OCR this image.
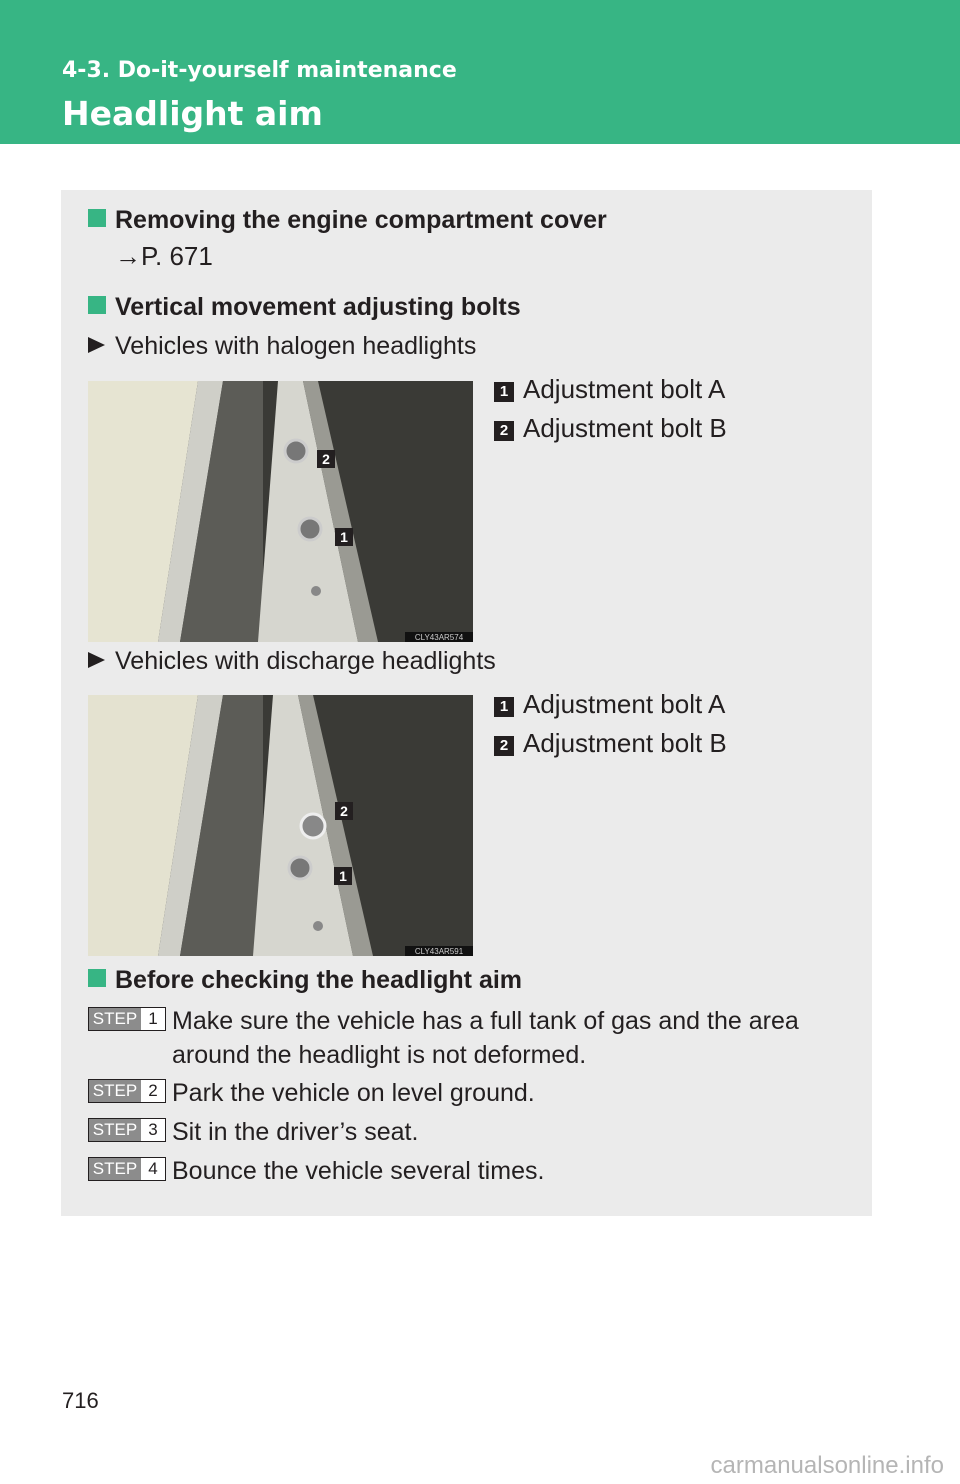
4-3. Do-it-yourself maintenance
Headlight aim
Removing the engine compartment cover
→P. 671
Vertical movement adjusting bolts
Vehicles with halogen headlights
2
1
CLY43AR574
1 Adjustment bolt A
2 Adjustment bolt B
Vehicles with discharge headlights
2
1
CLY43AR591
1 Adjustment bolt A
2 Adjustment bolt B
Before checking the headlight aim
STEP 1 Make sure the vehicle has a full tank of gas and the area around the headlight is not deformed.
STEP 2 Park the vehicle on level ground.
STEP 3 Sit in the driver’s seat.
STEP 4 Bounce the vehicle several times.
716
carmanualsonline.info
